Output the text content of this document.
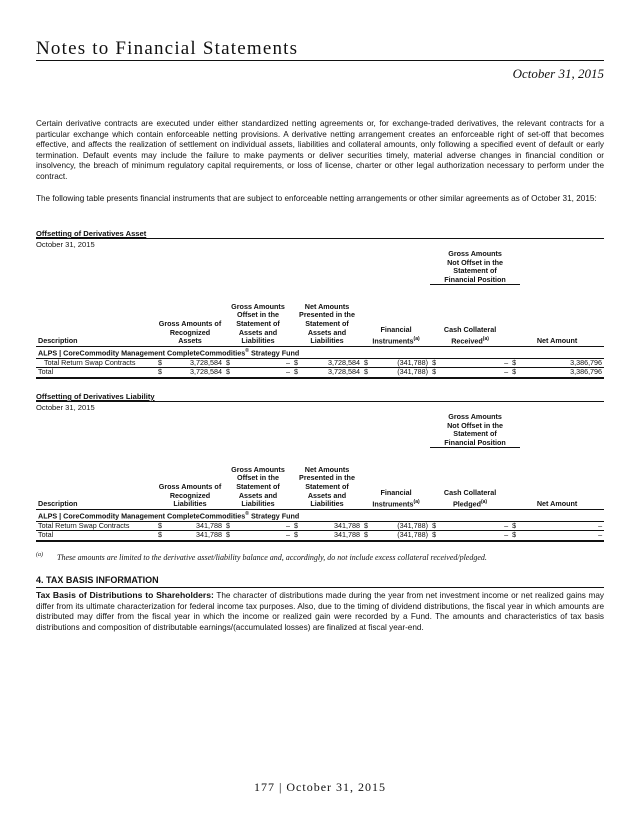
Notes to Financial Statements
October 31, 2015
Certain derivative contracts are executed under either standardized netting agreements or, for exchange-traded derivatives, the relevant contracts for a particular exchange which contain enforceable netting provisions. A derivative netting arrangement creates an enforceable right of set-off that becomes effective, and affects the realization of settlement on individual assets, liabilities and collateral amounts, only following a specified event of default or early termination. Default events may include the failure to make payments or deliver securities timely, material adverse changes in financial condition or insolvency, the breach of minimum regulatory capital requirements, or loss of license, charter or other legal authorization necessary to perform under the contract.
The following table presents financial instruments that are subject to enforceable netting arrangements or other similar agreements as of October 31, 2015:
Offsetting of Derivatives Asset
October 31, 2015
									Gross Amounts Not Offset in the Statement of Financial Position			
Description	Gross Amounts of Recognized Assets		Gross Amounts Offset in the Statement of Assets and Liabilities		Net Amounts Presented in the Statement of Assets and Liabilities		Financial Instruments$^{(a)}$		Cash Collateral Received$^{(a)}$		Net Amount	
ALPS | CoreCommodity Management CompleteCommodities® Strategy Fund												
Total Return Swap Contracts	$	3,728,584	$	–	$	3,728,584	$	(341,788)	$	–	$	3,386,796
Total	$	3,728,584	$	–	$	3,728,584	$	(341,788)	$	–	$	3,386,796
Offsetting of Derivatives Liability
October 31, 2015
									Gross Amounts Not Offset in the Statement of Financial Position			
Description	Gross Amounts of Recognized Liabilities		Gross Amounts Offset in the Statement of Assets and Liabilities		Net Amounts Presented in the Statement of Assets and Liabilities		Financial Instruments$^{(a)}$		Cash Collateral Pledged$^{(a)}$		Net Amount	
ALPS | CoreCommodity Management CompleteCommodities® Strategy Fund												
Total Return Swap Contracts	$	341,788	$	–	$	341,788	$	(341,788)	$	–	$	–
Total	$	341,788	$	–	$	341,788	$	(341,788)	$	–	$	–
$^{(a)}$ These amounts are limited to the derivative asset/liability balance and, accordingly, do not include excess collateral received/pledged.
4. TAX BASIS INFORMATION
Tax Basis of Distributions to Shareholders: The character of distributions made during the year from net investment income or net realized gains may differ from its ultimate characterization for federal income tax purposes. Also, due to the timing of dividend distributions, the fiscal year in which amounts are distributed may differ from the fiscal year in which the income or realized gain were recorded by a Fund. The amounts and characteristics of tax basis distributions and composition of distributable earnings/(accumulated losses) are finalized at fiscal year-end.
177 | October 31, 2015
